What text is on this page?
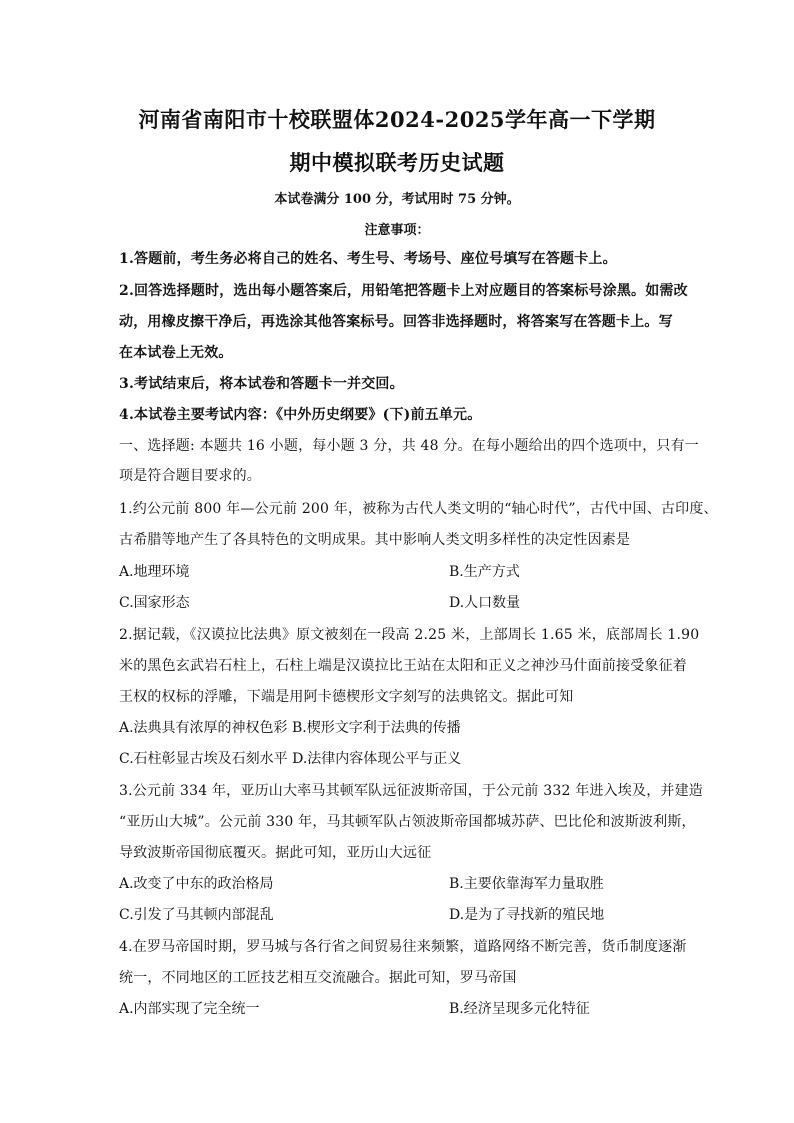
河南省南阳市十校联盟体2024-2025学年高一下学期
期中模拟联考历史试题
本试卷满分 100 分，考试用时 75 分钟。
注意事项：
1.答题前，考生务必将自己的姓名、考生号、考场号、座位号填写在答题卡上。
2.回答选择题时，选出每小题答案后，用铅笔把答题卡上对应题目的答案标号涂黑。如需改
动，用橡皮擦干净后，再选涂其他答案标号。回答非选择题时，将答案写在答题卡上。写
在本试卷上无效。
3.考试结束后，将本试卷和答题卡一并交回。
4.本试卷主要考试内容：《中外历史纲要》(下)前五单元。
一、选择题: 本题共 16 小题，每小题 3 分，共 48 分。在每小题给出的四个选项中，只有一
项是符合题目要求的。
1.约公元前 800 年—公元前 200 年，被称为古代人类文明的“轴心时代”，古代中国、古印度、
古希腊等地产生了各具特色的文明成果。其中影响人类文明多样性的决定性因素是
A.地理环境	B.生产方式
C.国家形态	D.人口数量
2.据记载，《汉谟拉比法典》原文被刻在一段高 2.25 米，上部周长 1.65 米，底部周长 1.90
米的黑色玄武岩石柱上，石柱上端是汉谟拉比王站在太阳和正义之神沙马什面前接受象征着
王权的权标的浮雕，下端是用阿卡德楔形文字刻写的法典铭文。据此可知
A.法典具有浓厚的神权色彩 B.楔形文字利于法典的传播
C.石柱彰显古埃及石刻水平 D.法律内容体现公平与正义
3.公元前 334 年，亚历山大率马其顿军队远征波斯帝国，于公元前 332 年进入埃及，并建造
“亚历山大城”。公元前 330 年，马其顿军队占领波斯帝国都城苏萨、巴比伦和波斯波利斯，
导致波斯帝国彻底覆灭。据此可知，亚历山大远征
A.改变了中东的政治格局	B.主要依靠海军力量取胜
C.引发了马其顿内部混乱	D.是为了寻找新的殖民地
4.在罗马帝国时期，罗马城与各行省之间贸易往来频繁，道路网络不断完善，货币制度逐渐
统一，不同地区的工匠技艺相互交流融合。据此可知，罗马帝国
A.内部实现了完全统一	B.经济呈现多元化特征
